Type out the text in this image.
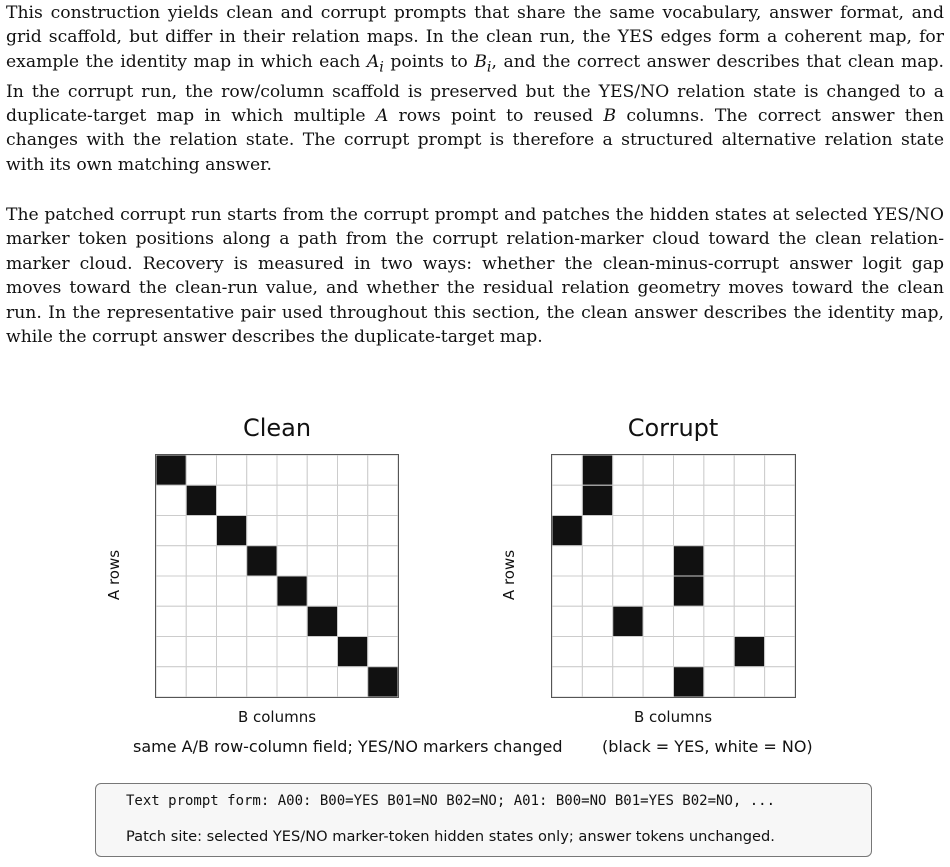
This construction yields clean and corrupt prompts that share the same vocabulary, answer format, and grid scaffold, but differ in their relation maps. In the clean run, the YES edges form a coherent map, for example the identity map in which each $A_i$ points to $B_i$, and the correct answer describes that clean map. In the corrupt run, the row/column scaffold is preserved but the YES/NO relation state is changed to a duplicate-target map in which multiple A rows point to reused B columns. The correct answer then changes with the relation state. The corrupt prompt is therefore a structured alternative relation state with its own matching answer.

The patched corrupt run starts from the corrupt prompt and patches the hidden states at selected YES/NO marker token positions along a path from the corrupt relation-marker cloud toward the clean relation-marker cloud. Recovery is measured in two ways: whether the clean-minus-corrupt answer logit gap moves toward the clean-run value, and whether the residual relation geometry moves toward the clean run. In the representative pair used throughout this section, the clean answer describes the identity map, while the corrupt answer describes the duplicate-target map.

Clean	Corrupt
A rows	A rows
B columns	B columns
same A/B row-column field; YES/NO markers changed (black = YES, white = NO)
Text prompt form: A00: B00=YES B01=NO B02=NO; A01: B00=NO B01=YES B02=NO, ...
Patch site: selected YES/NO marker-token hidden states only; answer tokens unchanged.
